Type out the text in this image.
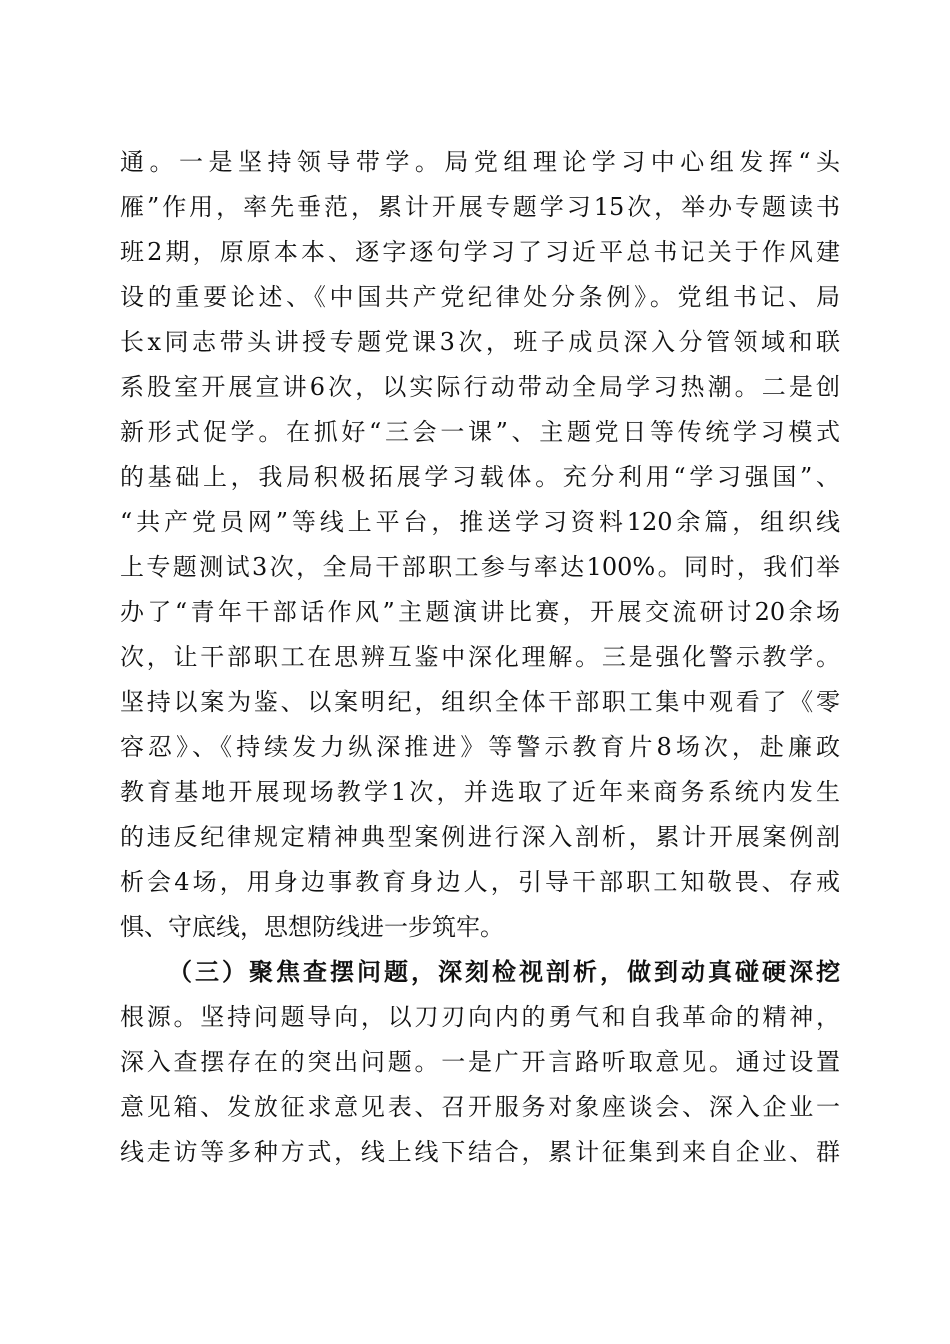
通。一是坚持领导带学。局党组理论学习中心组发挥“头
雁”作用，率先垂范，累计开展专题学习15次，举办专题读书
班2期，原原本本、逐字逐句学习了习近平总书记关于作风建
设的重要论述、《中国共产党纪律处分条例》。党组书记、局
长x同志带头讲授专题党课3次，班子成员深入分管领域和联
系股室开展宣讲6次，以实际行动带动全局学习热潮。二是创
新形式促学。在抓好“三会一课”、主题党日等传统学习模式
的基础上，我局积极拓展学习载体。充分利用“学习强国”、
“共产党员网”等线上平台，推送学习资料120余篇，组织线
上专题测试3次，全局干部职工参与率达100%。同时，我们举
办了“青年干部话作风”主题演讲比赛，开展交流研讨20余场
次，让干部职工在思辨互鉴中深化理解。三是强化警示教学。
坚持以案为鉴、以案明纪，组织全体干部职工集中观看了《零
容忍》、《持续发力纵深推进》等警示教育片8场次，赴廉政
教育基地开展现场教学1次，并选取了近年来商务系统内发生
的违反纪律规定精神典型案例进行深入剖析，累计开展案例剖
析会4场，用身边事教育身边人，引导干部职工知敬畏、存戒
惧、守底线，思想防线进一步筑牢。
（三）聚焦查摆问题，深刻检视剖析，做到动真碰硬深挖
根源。坚持问题导向，以刀刃向内的勇气和自我革命的精神，
深入查摆存在的突出问题。一是广开言路听取意见。通过设置
意见箱、发放征求意见表、召开服务对象座谈会、深入企业一
线走访等多种方式，线上线下结合，累计征集到来自企业、群
